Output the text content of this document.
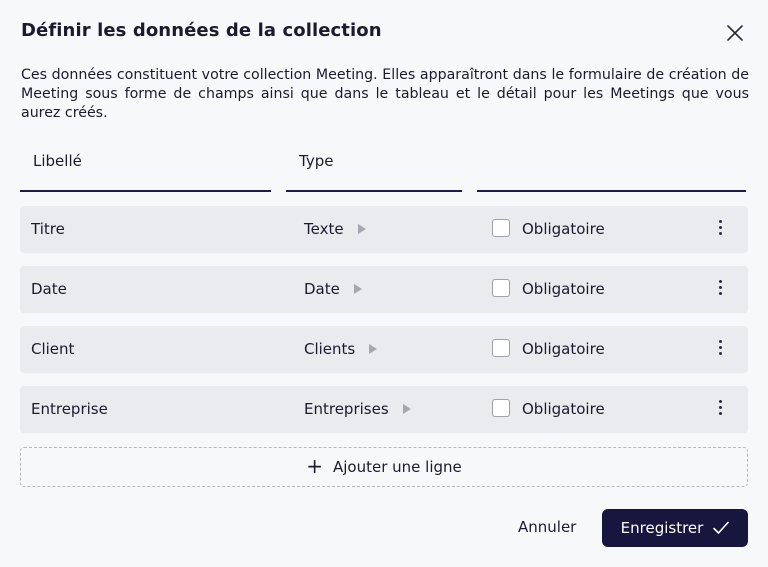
Définir les données de la collection
Ces données constituent votre collection Meeting. Elles apparaîtront dans le formulaire de création de Meeting sous forme de champs ainsi que dans le tableau et le détail pour les Meetings que vous aurez créés.
Libellé	Type
Titre	Texte	Obligatoire
Date	Date	Obligatoire
Client	Clients	Obligatoire
Entreprise	Entreprises	Obligatoire
+ Ajouter une ligne
Annuler	Enregistrer
